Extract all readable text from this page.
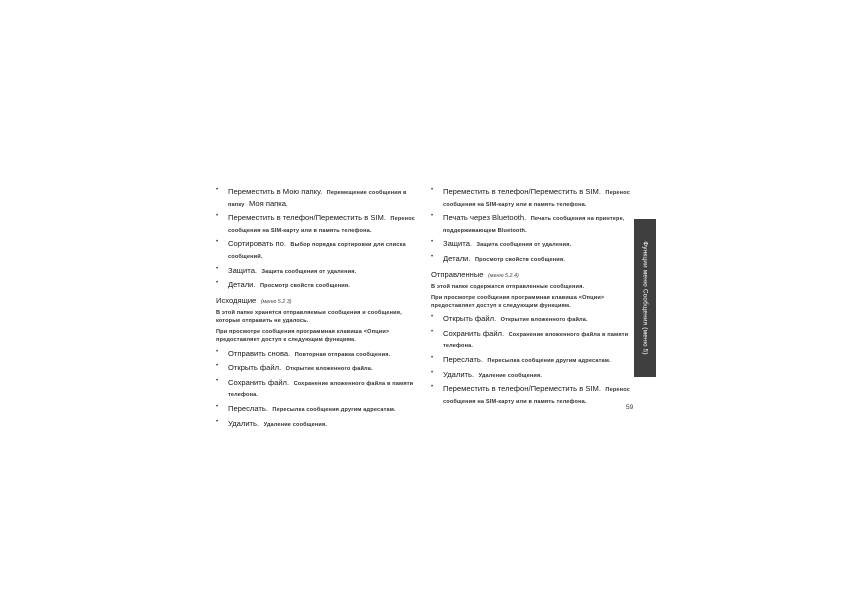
• Переместить в Мою папку. Перемещение сообщения в папку Моя папка.
• Переместить в телефон/Переместить в SIM. Перенос сообщения на SIM-карту или в память телефона.
• Сортировать по. Выбор порядка сортировки для списка сообщений.
• Защита. Защита сообщения от удаления.
• Детали. Просмотр свойств сообщения.
Исходящие (меню 5.2.3)

В этой папке хранятся отправляемые сообщения и сообщения, которые отправить не удалось.

При просмотре сообщения программная клавиша <Опции> предоставляет доступ к следующим функциям.

• Отправить снова. Повторная отправка сообщения.
• Открыть файл. Открытие вложенного файла.
• Сохранить файл. Сохранение вложенного файла в памяти телефона.
• Переслать. Пересылка сообщения другим адресатам.
• Удалить. Удаление сообщения.
• Переместить в телефон/Переместить в SIM. Перенос сообщения на SIM-карту или в память телефона.
• Печать через Bluetooth. Печать сообщения на принтере, поддерживающем Bluetooth.
• Защита. Защита сообщения от удаления.
• Детали. Просмотр свойств сообщения.
Отправленные (меню 5.2.4)

В этой папке содержатся отправленные сообщения.

При просмотре сообщения программная клавиша <Опции> предоставляет доступ к следующим функциям.

• Открыть файл. Открытие вложенного файла.
• Сохранить файл. Сохранение вложенного файла в памяти телефона.
• Переслать. Пересылка сообщения другим адресатам.
• Удалить. Удаление сообщения.
• Переместить в телефон/Переместить в SIM. Перенос сообщения на SIM-карту или в память телефона.
Функции меню Сообщения (меню 5)
59
